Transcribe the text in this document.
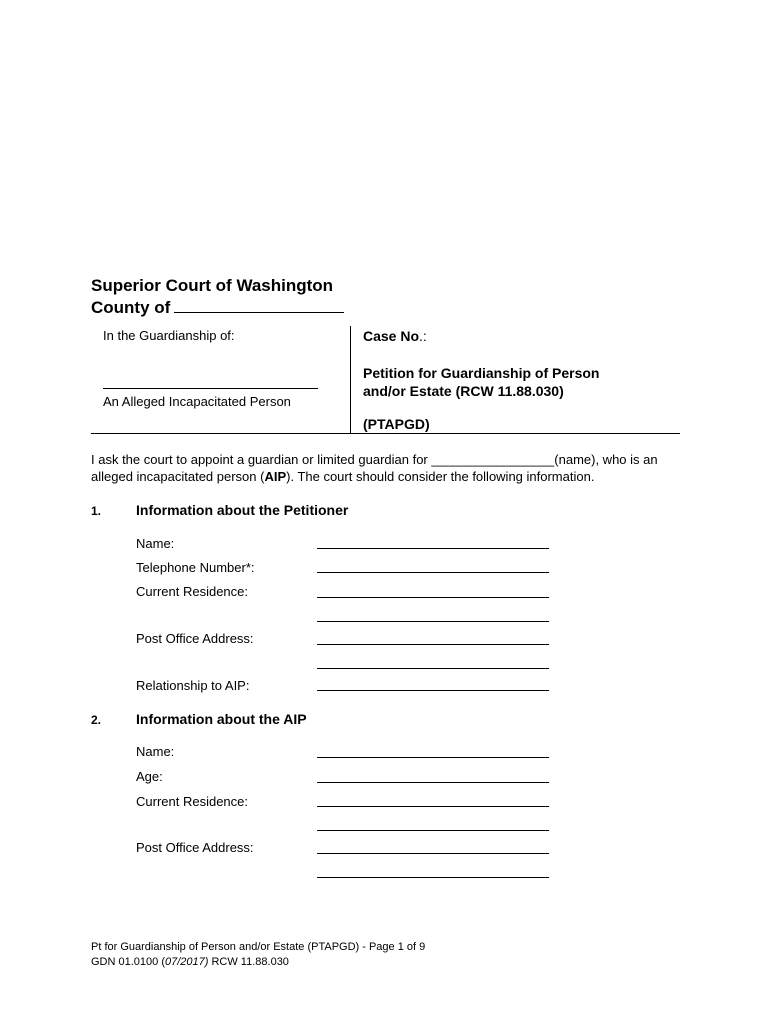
Superior Court of Washington
County of
In the Guardianship of:
An Alleged Incapacitated Person
Case No.:
Petition for Guardianship of Person
and/or Estate (RCW 11.88.030)
(PTAPGD)
I ask the court to appoint a guardian or limited guardian for _________________(name), who is an alleged incapacitated person (AIP). The court should consider the following information.
1. Information about the Petitioner
Name:
Telephone Number*:
Current Residence:
Post Office Address:
Relationship to AIP:
2. Information about the AIP
Name:
Age:
Current Residence:
Post Office Address:
Pt for Guardianship of Person and/or Estate (PTAPGD) - Page 1 of 9
GDN 01.0100 (07/2017) RCW 11.88.030
